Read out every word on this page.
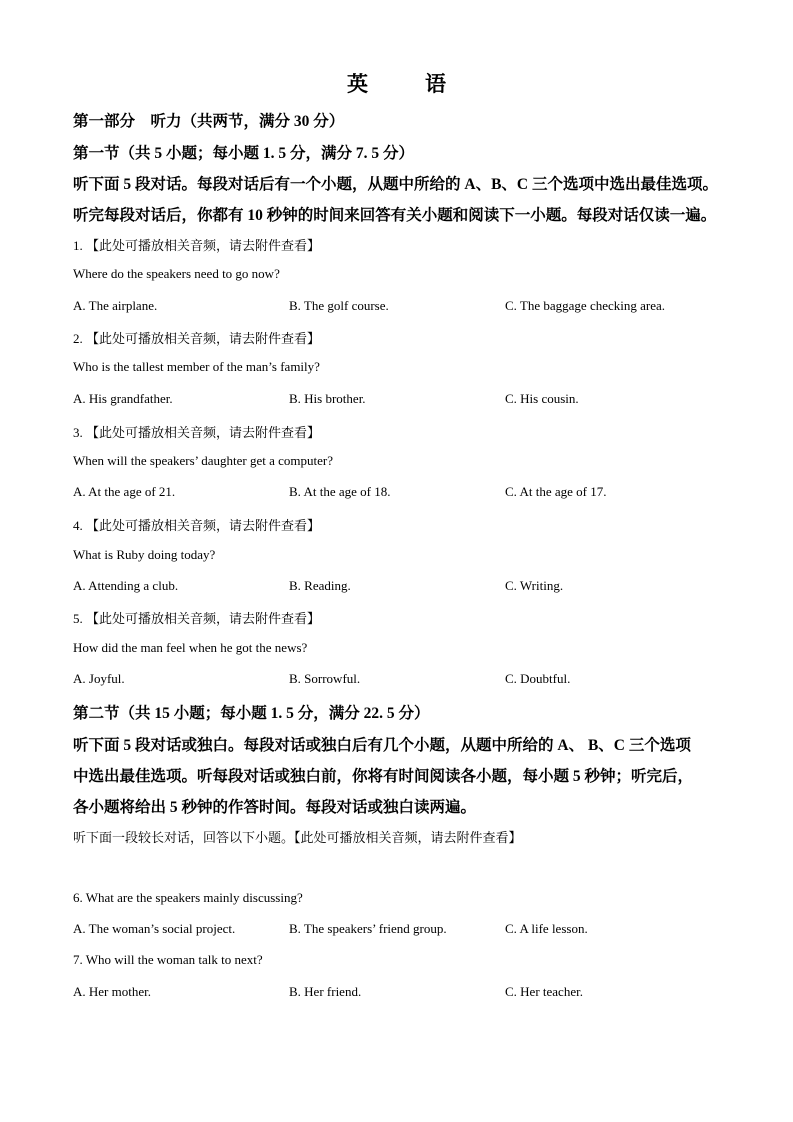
英　语
第一部分　听力（共两节，满分 30 分）
第一节（共 5 小题；每小题 1. 5 分，满分 7. 5 分）
听下面 5 段对话。每段对话后有一个小题，从题中所给的 A、B、C 三个选项中选出最佳选项。
听完每段对话后，你都有 10 秒钟的时间来回答有关小题和阅读下一小题。每段对话仅读一遍。
1. 【此处可播放相关音频，请去附件查看】
Where do the speakers need to go now?
A. The airplane.	B. The golf course.	C. The baggage checking area.
2. 【此处可播放相关音频，请去附件查看】
Who is the tallest member of the man’s family?
A. His grandfather.	B. His brother.	C. His cousin.
3. 【此处可播放相关音频，请去附件查看】
When will the speakers’ daughter get a computer?
A. At the age of 21.	B. At the age of 18.	C. At the age of 17.
4. 【此处可播放相关音频，请去附件查看】
What is Ruby doing today?
A. Attending a club.	B. Reading.	C. Writing.
5. 【此处可播放相关音频，请去附件查看】
How did the man feel when he got the news?
A. Joyful.	B. Sorrowful.	C. Doubtful.
第二节（共 15 小题；每小题 1. 5 分，满分 22. 5 分）
听下面 5 段对话或独白。每段对话或独白后有几个小题，从题中所给的 A、 B、C 三个选项
中选出最佳选项。听每段对话或独白前，你将有时间阅读各小题，每小题 5 秒钟；听完后，
各小题将给出 5 秒钟的作答时间。每段对话或独白读两遍。
听下面一段较长对话，回答以下小题。【此处可播放相关音频，请去附件查看】
6. What are the speakers mainly discussing?
A. The woman’s social project.	B. The speakers’ friend group.	C. A life lesson.
7. Who will the woman talk to next?
A. Her mother.	B. Her friend.	C. Her teacher.
